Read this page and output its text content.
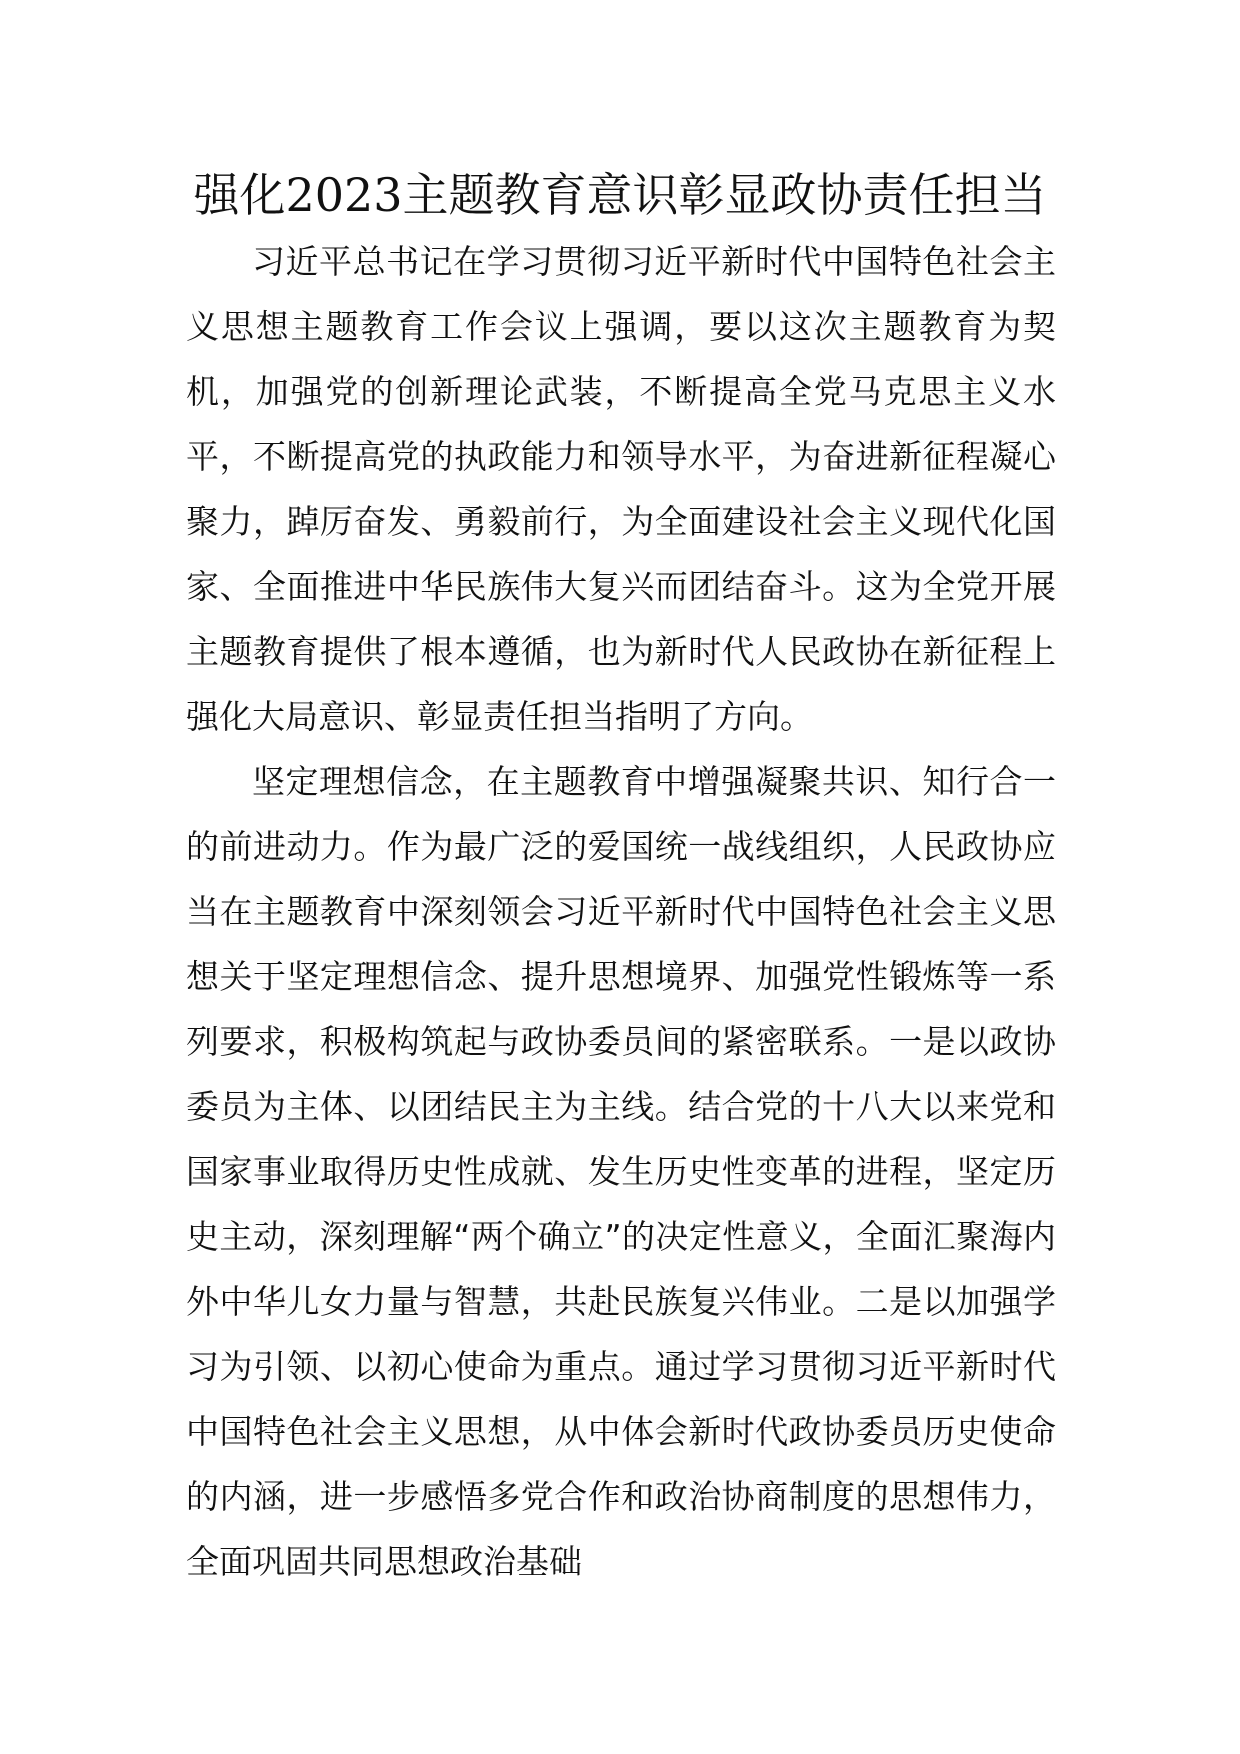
强化2023主题教育意识彰显政协责任担当

习近平总书记在学习贯彻习近平新时代中国特色社会主义思想主题教育工作会议上强调，要以这次主题教育为契机，加强党的创新理论武装，不断提高全党马克思主义水平，不断提高党的执政能力和领导水平，为奋进新征程凝心聚力，踔厉奋发、勇毅前行，为全面建设社会主义现代化国家、全面推进中华民族伟大复兴而团结奋斗。这为全党开展主题教育提供了根本遵循，也为新时代人民政协在新征程上强化大局意识、彰显责任担当指明了方向。

坚定理想信念，在主题教育中增强凝聚共识、知行合一的前进动力。作为最广泛的爱国统一战线组织，人民政协应当在主题教育中深刻领会习近平新时代中国特色社会主义思想关于坚定理想信念、提升思想境界、加强党性锻炼等一系列要求，积极构筑起与政协委员间的紧密联系。一是以政协委员为主体、以团结民主为主线。结合党的十八大以来党和国家事业取得历史性成就、发生历史性变革的进程，坚定历史主动，深刻理解“两个确立”的决定性意义，全面汇聚海内外中华儿女力量与智慧，共赴民族复兴伟业。二是以加强学习为引领、以初心使命为重点。通过学习贯彻习近平新时代中国特色社会主义思想，从中体会新时代政协委员历史使命的内涵，进一步感悟多党合作和政治协商制度的思想伟力，全面巩固共同思想政治基础
